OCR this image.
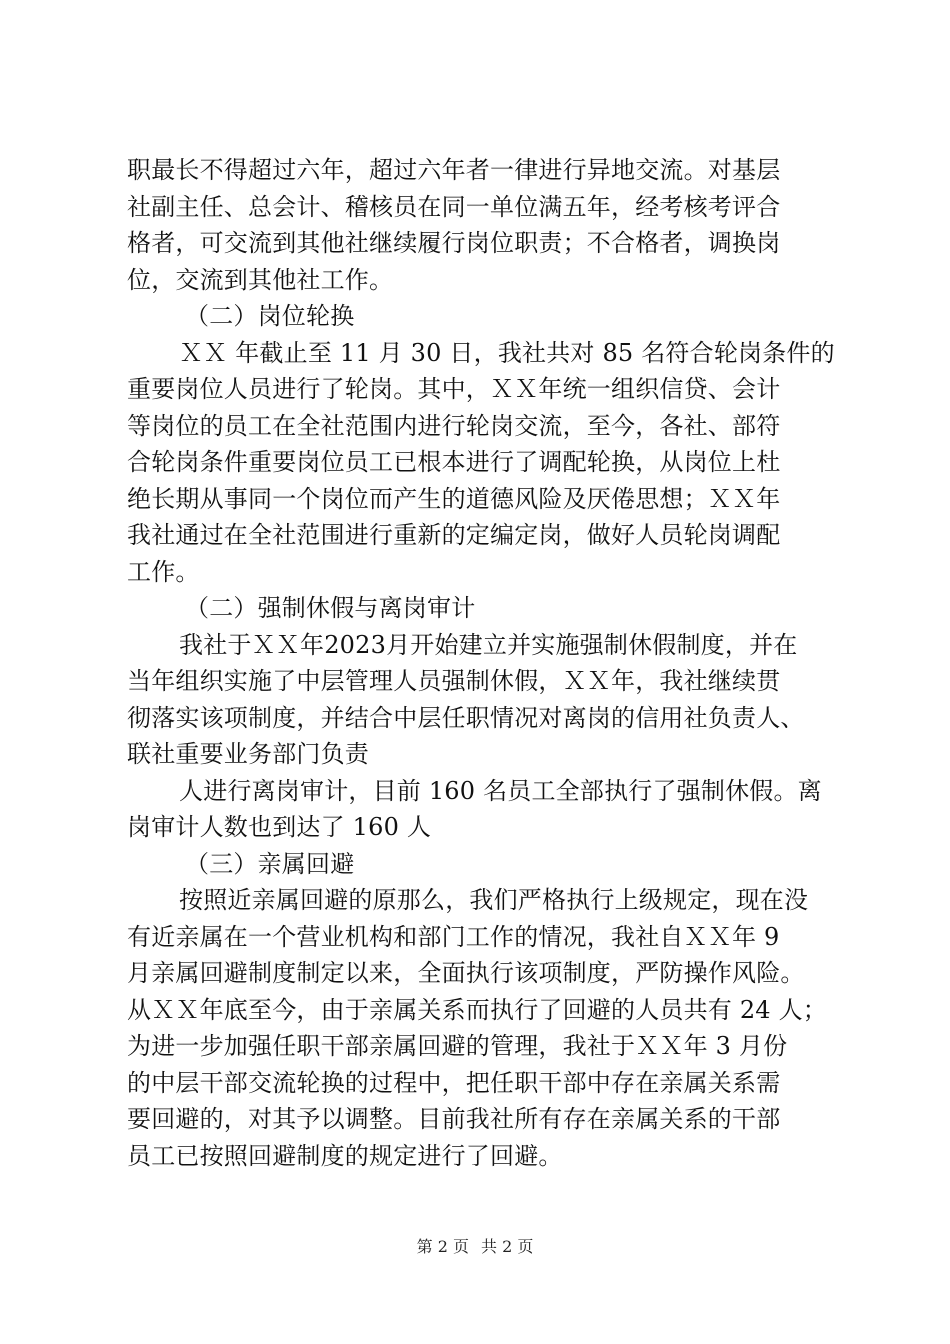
职最长不得超过六年，超过六年者一律进行异地交流。对基层
社副主任、总会计、稽核员在同一单位满五年，经考核考评合
格者，可交流到其他社继续履行岗位职责；不合格者，调换岗
位，交流到其他社工作。
（二）岗位轮换
ＸＸ 年截止至 11 月 30 日，我社共对 85 名符合轮岗条件的
重要岗位人员进行了轮岗。其中，ＸＸ年统一组织信贷、会计
等岗位的员工在全社范围内进行轮岗交流，至今，各社、部符
合轮岗条件重要岗位员工已根本进行了调配轮换，从岗位上杜
绝长期从事同一个岗位而产生的道德风险及厌倦思想；ＸＸ年
我社通过在全社范围进行重新的定编定岗，做好人员轮岗调配
工作。
（二）强制休假与离岗审计
我社于ＸＸ年2023月开始建立并实施强制休假制度，并在
当年组织实施了中层管理人员强制休假，ＸＸ年，我社继续贯
彻落实该项制度，并结合中层任职情况对离岗的信用社负责人、
联社重要业务部门负责
人进行离岗审计，目前 160 名员工全部执行了强制休假。离
岗审计人数也到达了 160 人
（三）亲属回避
按照近亲属回避的原那么，我们严格执行上级规定，现在没
有近亲属在一个营业机构和部门工作的情况，我社自ＸＸ年 9
月亲属回避制度制定以来，全面执行该项制度，严防操作风险。
从ＸＸ年底至今，由于亲属关系而执行了回避的人员共有 24 人；
为进一步加强任职干部亲属回避的管理，我社于ＸＸ年 3 月份
的中层干部交流轮换的过程中，把任职干部中存在亲属关系需
要回避的，对其予以调整。目前我社所有存在亲属关系的干部
员工已按照回避制度的规定进行了回避。
第 2 页 共 2 页
